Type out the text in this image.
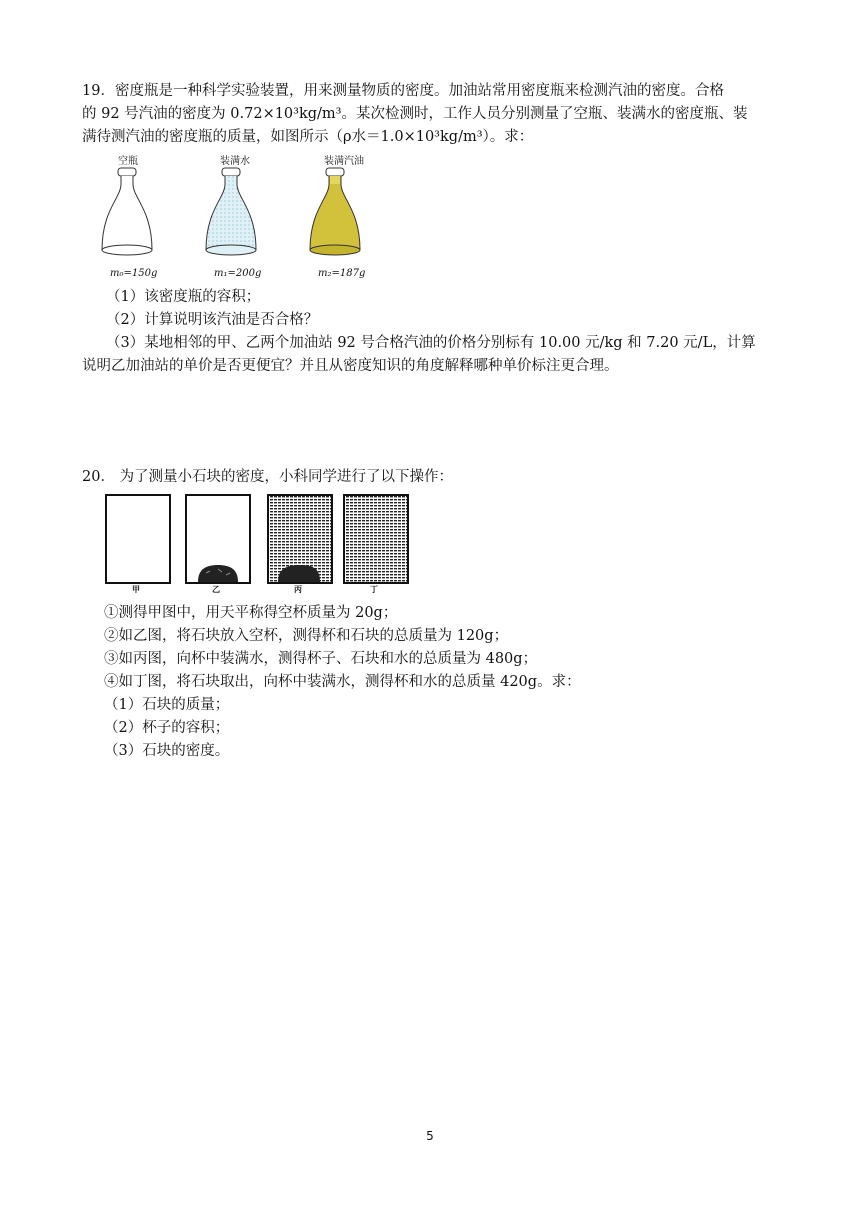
19．密度瓶是一种科学实验装置，用来测量物质的密度。加油站常用密度瓶来检测汽油的密度。合格
的 92 号汽油的密度为 0.72×10³kg/m³。某次检测时，工作人员分别测量了空瓶、装满水的密度瓶、装
满待测汽油的密度瓶的质量，如图所示（ρ水＝1.0×10³kg/m³）。求：
空瓶	装满水	装满汽油
m₀=150g	m₁=200g	m₂=187g
（1）该密度瓶的容积；
（2）计算说明该汽油是否合格？
（3）某地相邻的甲、乙两个加油站 92 号合格汽油的价格分别标有 10.00 元/kg 和 7.20 元/L，计算
说明乙加油站的单价是否更便宜？并且从密度知识的角度解释哪种单价标注更合理。
20． 为了测量小石块的密度，小科同学进行了以下操作：
甲	乙	丙	丁
①测得甲图中，用天平称得空杯质量为 20g；
②如乙图，将石块放入空杯，测得杯和石块的总质量为 120g；
③如丙图，向杯中装满水，测得杯子、石块和水的总质量为 480g；
④如丁图，将石块取出，向杯中装满水，测得杯和水的总质量 420g。求：
（1）石块的质量；
（2）杯子的容积；
（3）石块的密度。
5
